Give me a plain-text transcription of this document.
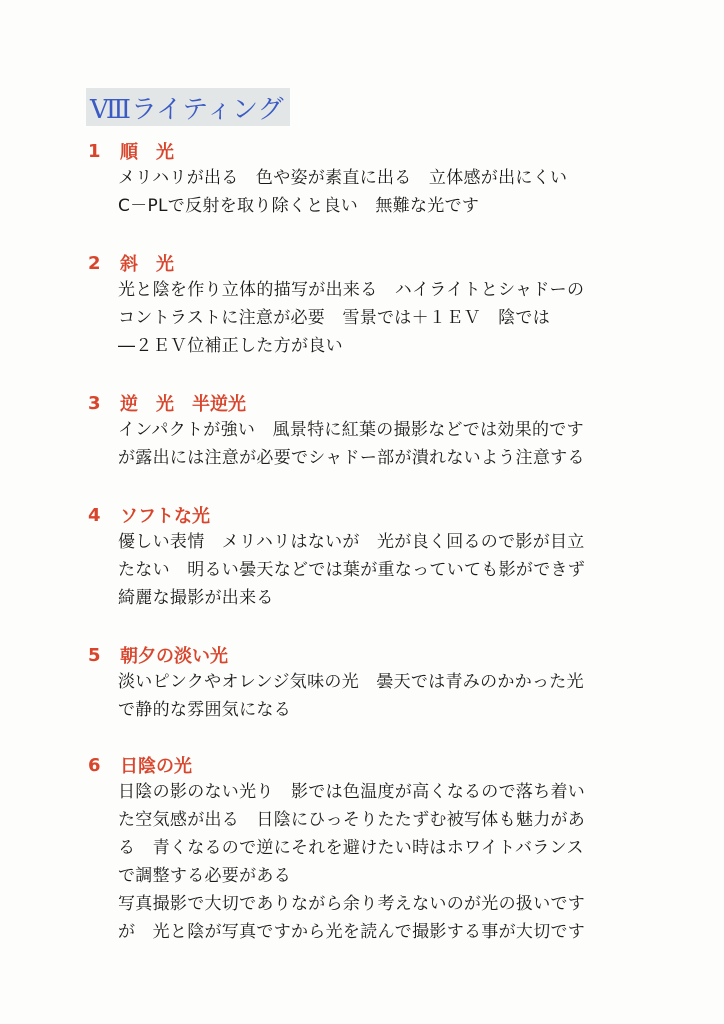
Ⅷライティング
1	順　光
メリハリが出る　色や姿が素直に出る　立体感が出にくい
C－PLで反射を取り除くと良い　無難な光です
2	斜　光
光と陰を作り立体的描写が出来る　ハイライトとシャドーの
コントラストに注意が必要　雪景では＋１ＥＶ　陰では
―２ＥＶ位補正した方が良い
3	逆　光　半逆光
インパクトが強い　風景特に紅葉の撮影などでは効果的です
が露出には注意が必要でシャドー部が潰れないよう注意する
4	ソフトな光
優しい表情　メリハリはないが　光が良く回るので影が目立
たない　明るい曇天などでは葉が重なっていても影ができず
綺麗な撮影が出来る
5	朝夕の淡い光
淡いピンクやオレンジ気味の光　曇天では青みのかかった光
で静的な雰囲気になる
6	日陰の光
日陰の影のない光り　影では色温度が高くなるので落ち着い
た空気感が出る　日陰にひっそりたたずむ被写体も魅力があ
る　青くなるので逆にそれを避けたい時はホワイトバランス
で調整する必要がある
写真撮影で大切でありながら余り考えないのが光の扱いです
が　光と陰が写真ですから光を読んで撮影する事が大切です
